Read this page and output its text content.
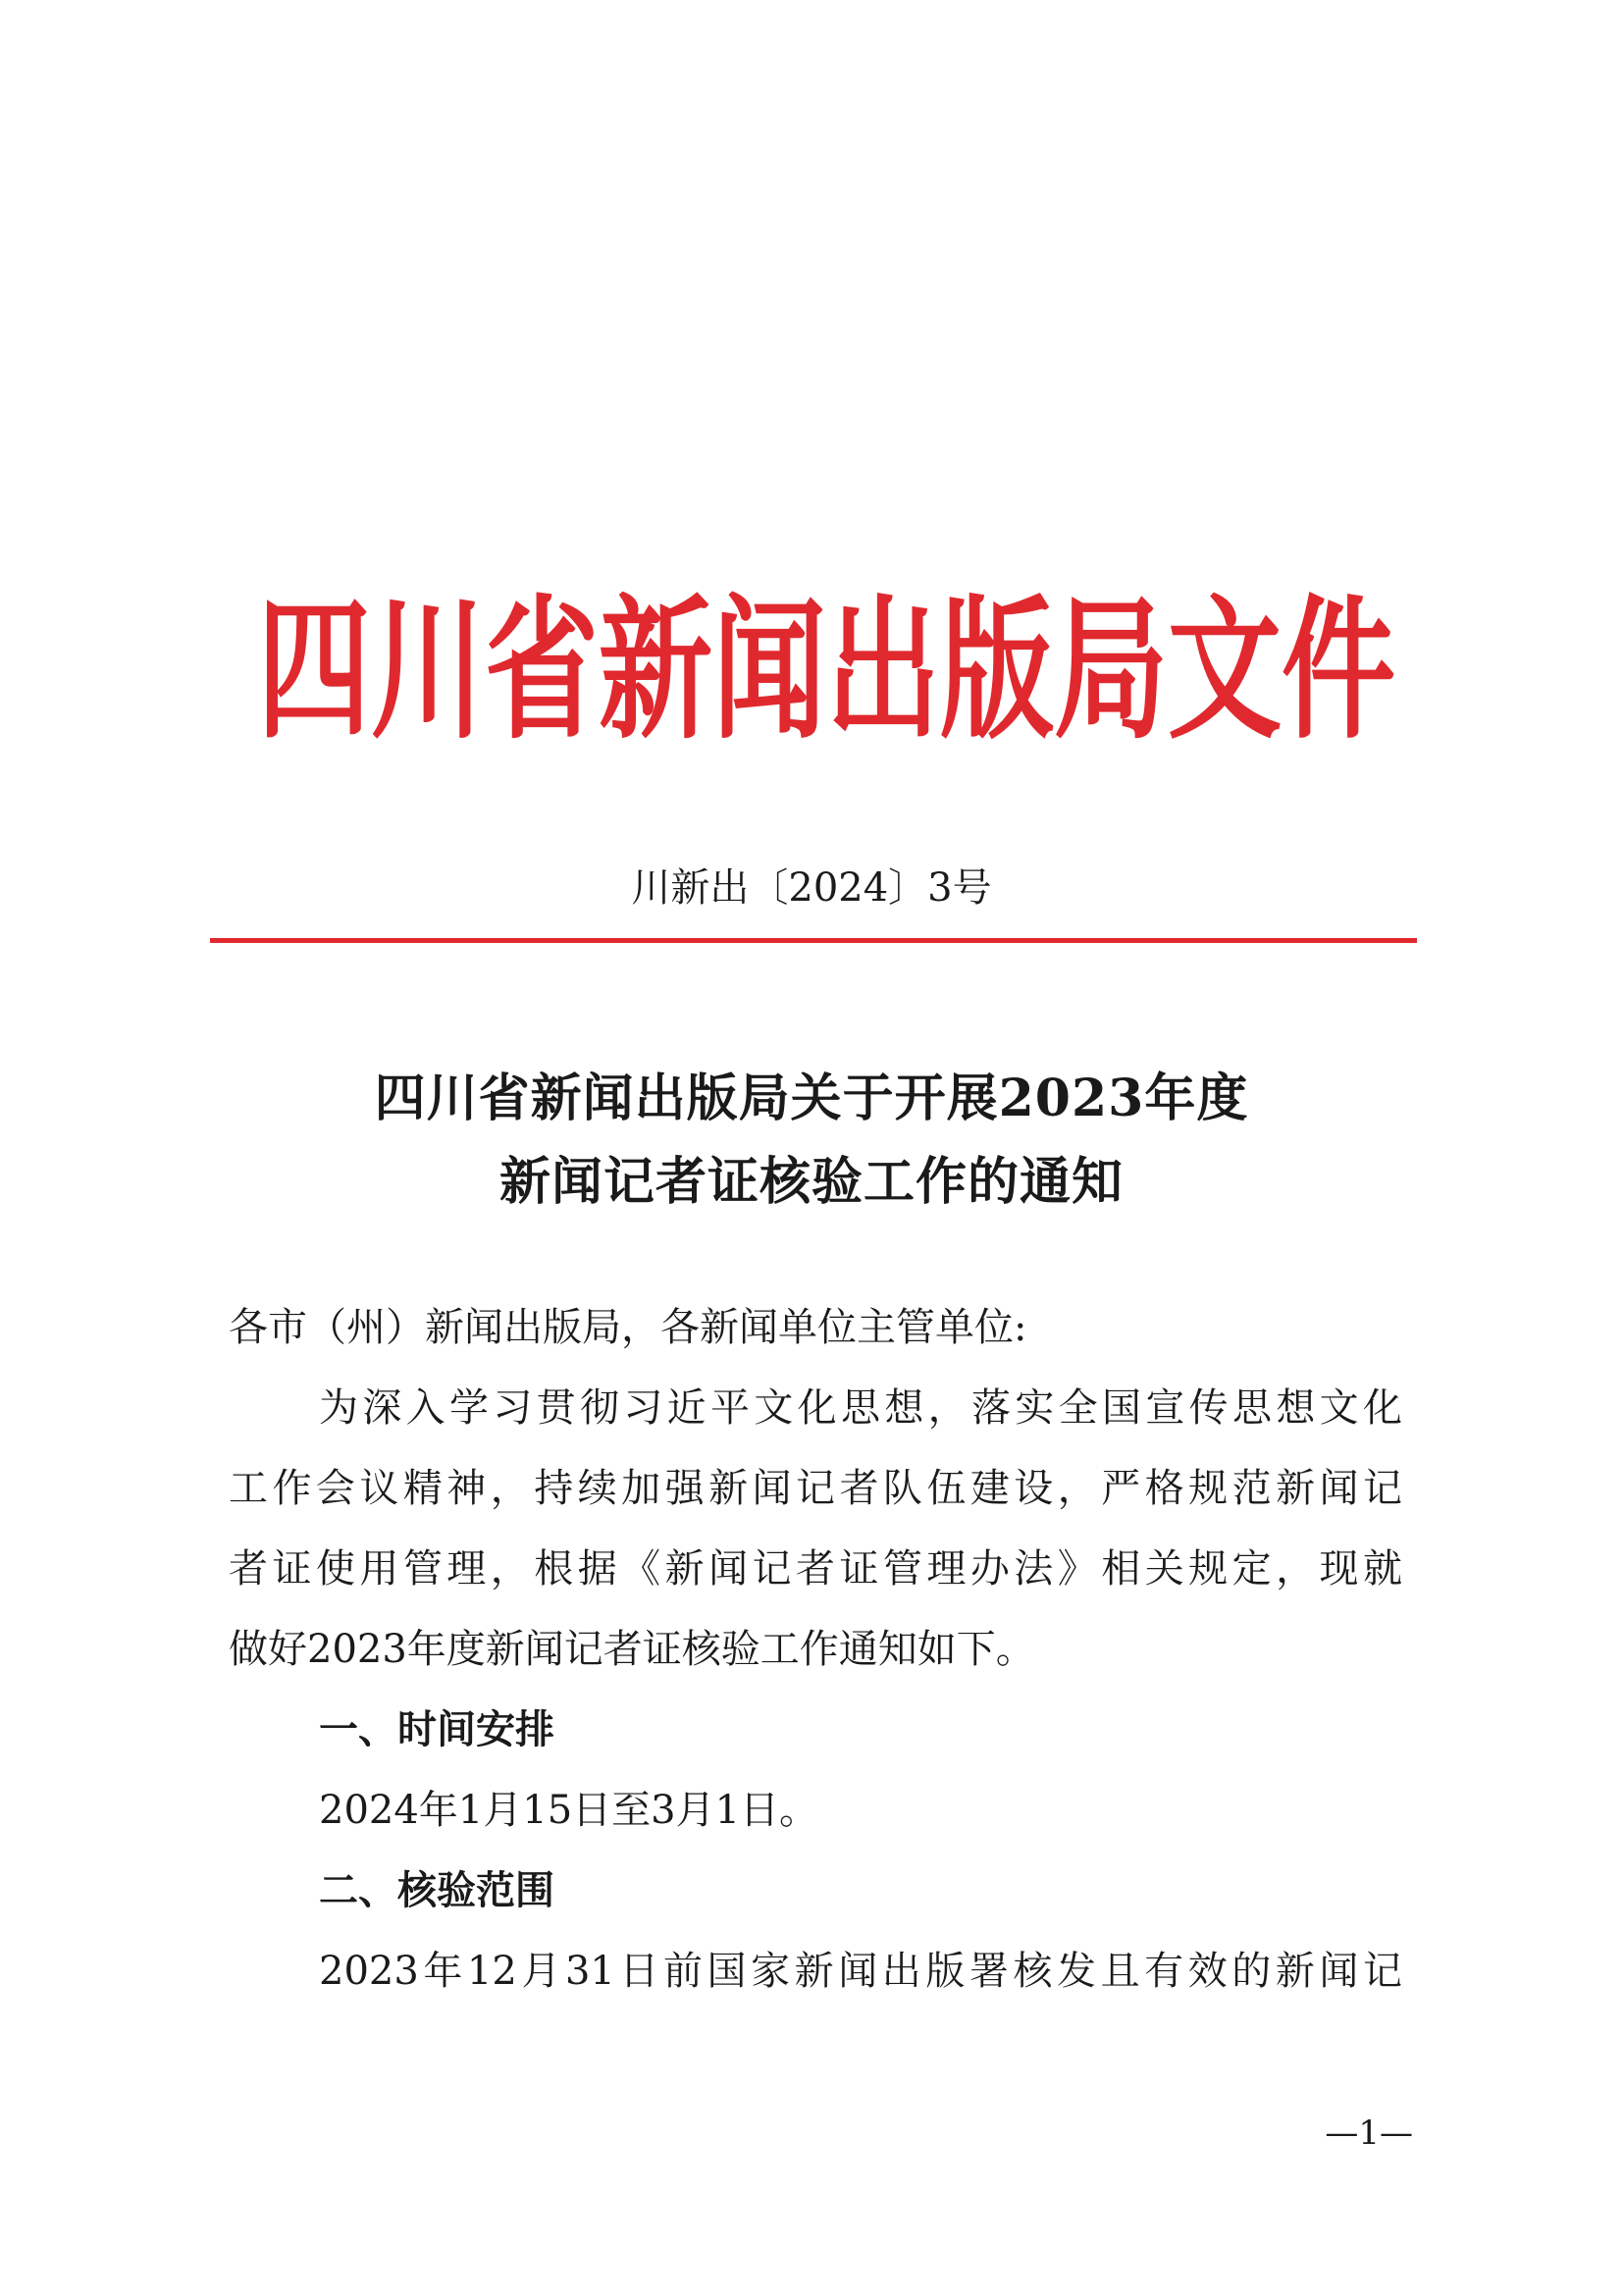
四川省新闻出版局文件
川新出〔2024〕3号
四川省新闻出版局关于开展2023年度
新闻记者证核验工作的通知
各市（州）新闻出版局，各新闻单位主管单位:
为深入学习贯彻习近平文化思想，落实全国宣传思想文化
工作会议精神，持续加强新闻记者队伍建设，严格规范新闻记
者证使用管理，根据《新闻记者证管理办法》相关规定，现就
做好2023年度新闻记者证核验工作通知如下。
一、时间安排
2024年1月15日至3月1日。
二、核验范围
2023年12月31日前国家新闻出版署核发且有效的新闻记
—1—
